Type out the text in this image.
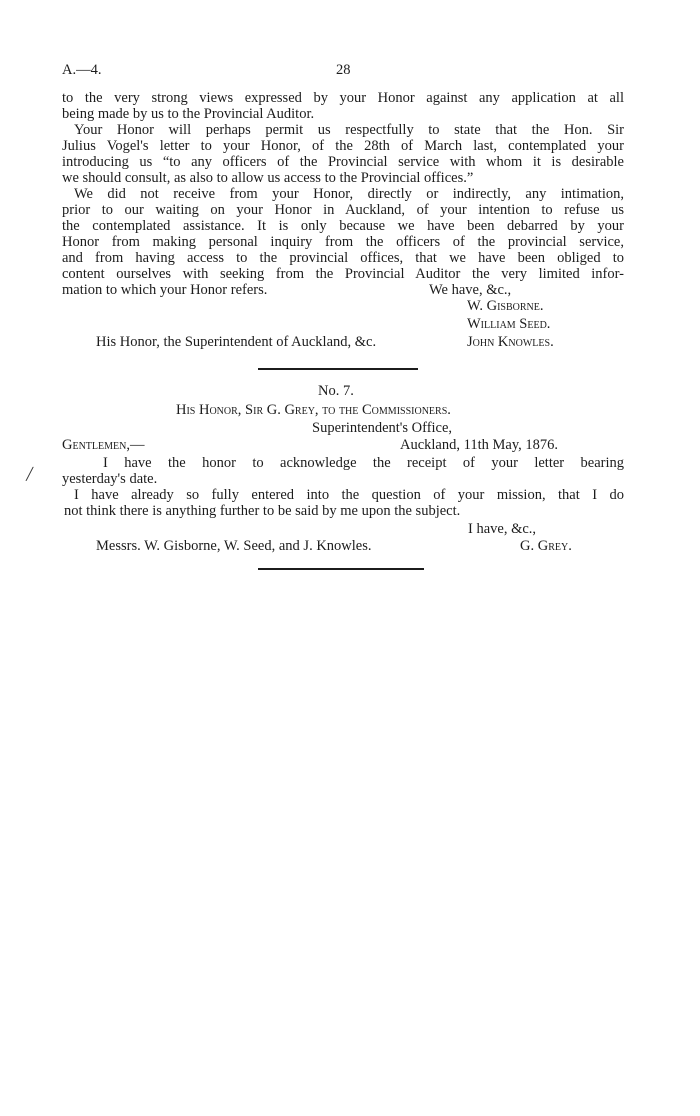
A.—4.	28
to the very strong views expressed by your Honor against any application at all
being made by us to the Provincial Auditor.
Your Honor will perhaps permit us respectfully to state that the Hon. Sir
Julius Vogel's letter to your Honor, of the 28th of March last, contemplated your
introducing us “to any officers of the Provincial service with whom it is desirable
we should consult, as also to allow us access to the Provincial offices.”
We did not receive from your Honor, directly or indirectly, any intimation,
prior to our waiting on your Honor in Auckland, of your intention to refuse us
the contemplated assistance. It is only because we have been debarred by your
Honor from making personal inquiry from the officers of the provincial service,
and from having access to the provincial offices, that we have been obliged to
content ourselves with seeking from the Provincial Auditor the very limited infor-
mation to which your Honor refers.	We have, &c.,
W. Gisborne.
William Seed.
John Knowles.
His Honor, the Superintendent of Auckland, &c.
No. 7.
His Honor, Sir G. Grey, to the Commissioners.
Superintendent's Office,
Gentlemen,—	Auckland, 11th May, 1876.
I have the honor to acknowledge the receipt of your letter bearing
yesterday's date.
I have already so fully entered into the question of your mission, that I do
not think there is anything further to be said by me upon the subject.
I have, &c.,
Messrs. W. Gisborne, W. Seed, and J. Knowles.	G. Grey.
╱
